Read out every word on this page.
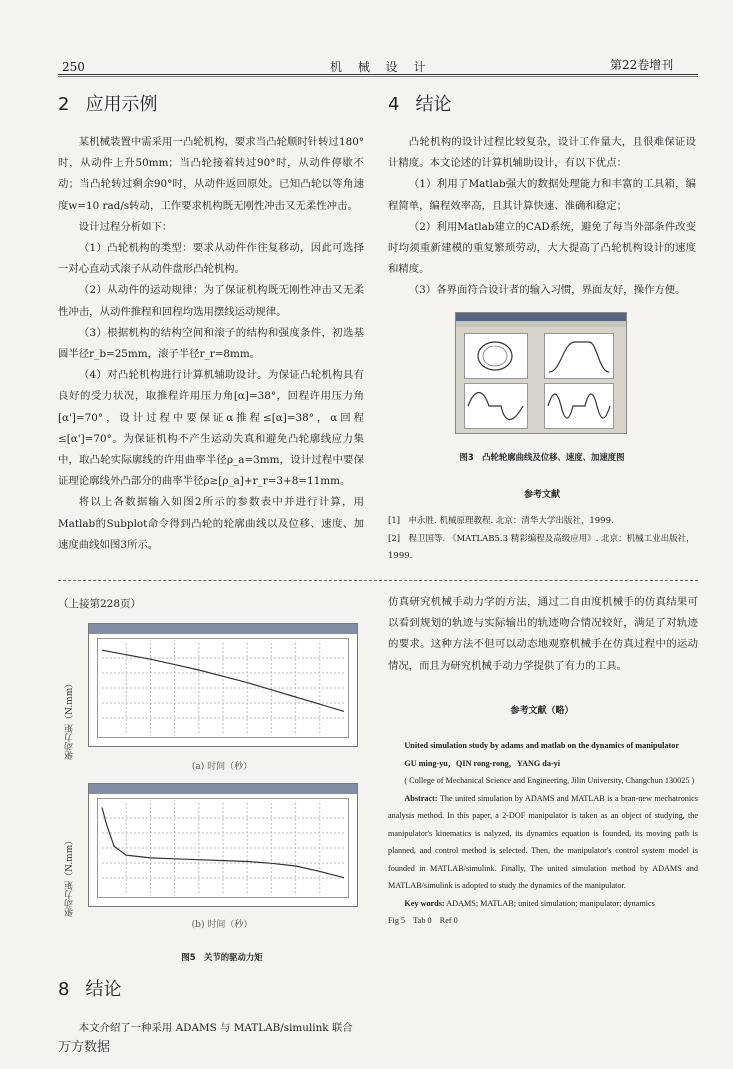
250	机 械 设 计	第22卷增刊
2 应用示例

某机械装置中需采用一凸轮机构，要求当凸轮顺时针转过180°时，从动件上升50mm；当凸轮接着转过90°时，从动件停歇不动；当凸轮转过剩余90°时，从动件返回原处。已知凸轮以等角速度w=10 rad/s转动，工作要求机构既无刚性冲击又无柔性冲击。

设计过程分析如下：

（1）凸轮机构的类型：要求从动件作往复移动，因此可选择一对心直动式滚子从动件盘形凸轮机构。

（2）从动件的运动规律：为了保证机构既无刚性冲击又无柔性冲击，从动件推程和回程均选用摆线运动规律。

（3）根据机构的结构空间和滚子的结构和强度条件，初选基圆半径r_b=25mm，滚子半径r_r=8mm。

（4）对凸轮机构进行计算机辅助设计。为保证凸轮机构具有良好的受力状况，取推程许用压力角[α]=38°，回程许用压力角[α']=70°，设计过程中要保证α推程≤[α]=38°，α回程≤[α']=70°。为保证机构不产生运动失真和避免凸轮廓线应力集中，取凸轮实际廓线的许用曲率半径ρ_a=3mm，设计过程中要保证理论廓线外凸部分的曲率半径ρ≥[ρ_a]+r_r=3+8=11mm。

将以上各数据输入如图2所示的参数表中并进行计算，用Matlab的Subplot命令得到凸轮的轮廓曲线以及位移、速度、加速度曲线如图3所示。

4 结论

凸轮机构的设计过程比较复杂，设计工作量大，且很难保证设计精度。本文论述的计算机辅助设计，有以下优点：

（1）利用了Matlab强大的数据处理能力和丰富的工具箱，编程简单，编程效率高，且其计算快速、准确和稳定；

（2）利用Matlab建立的CAD系统，避免了每当外部条件改变时均须重新建模的重复繁琐劳动，大大提高了凸轮机构设计的速度和精度。

（3）各界面符合设计者的输入习惯，界面友好，操作方便。

图3　凸轮轮廓曲线及位移、速度、加速度图
参考文献
[1]　申永胜. 机械原理教程. 北京：清华大学出版社，1999.
[2]　程卫国等. 《MATLAB5.3 精彩编程及高级应用》. 北京：机械工业出版社，1999.
（上接第228页）
驱动力矩（N.mm）
(a) 时间（秒）
驱动力矩（N.mm）
(b) 时间（秒）
图5　关节的驱动力矩
8 结论
本文介绍了一种采用 ADAMS 与 MATLAB/simulink 联合
万方数据

仿真研究机械手动力学的方法，通过二自由度机械手的仿真结果可以看到规划的轨迹与实际输出的轨迹吻合情况较好，满足了对轨迹的要求。这种方法不但可以动态地观察机械手在仿真过程中的运动情况，而且为研究机械手动力学提供了有力的工具。

参考文献（略）

United simulation study by adams and matlab on the dynamics of manipulator

GU ming-yu，QIN rong-rong，YANG da-yi

( College of Mechanical Science and Engineering, Jilin University, Changchun 130025 )

Abstract: The united simulation by ADAMS and MATLAB is a bran-new mechatronics analysis method. In this paper, a 2-DOF manipulator is taken as an object of studying, the manipulator's kinematics is nalyzed, its dynamics equation is founded, its moving path is planned, and control method is selected. Then, the manipulator's control system model is founded in MATLAB/simulink. Finally, The united simulation method by ADAMS and MATLAB/simulink is adopted to study the dynamics of the manipulator.

Key words: ADAMS; MATLAB; united simulation; manipulator; dynamics

Fig 5　Tab 0　Ref 0
